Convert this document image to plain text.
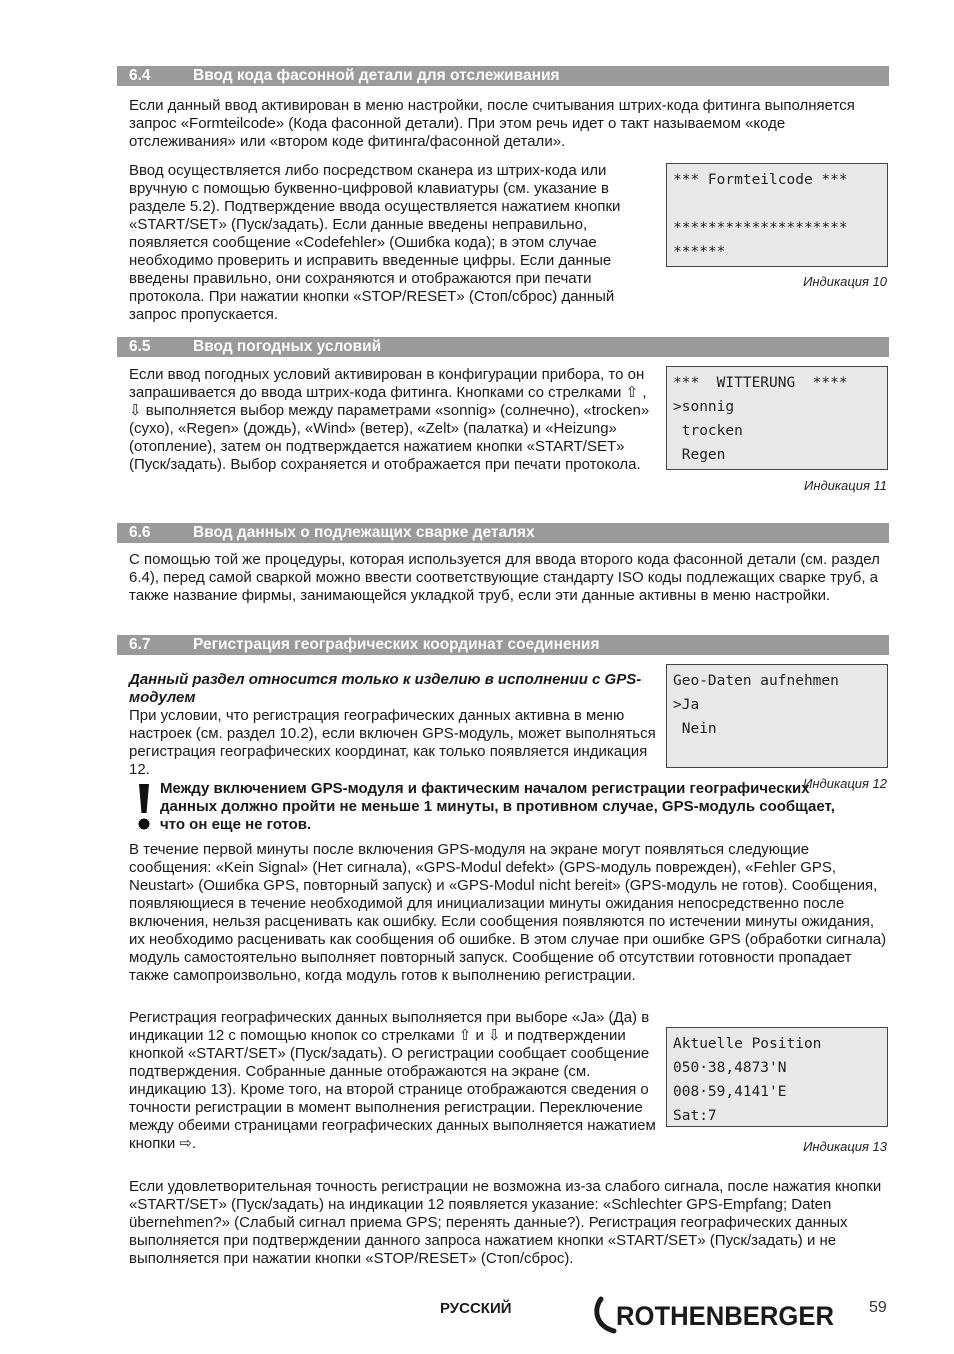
6.4	Ввод кода фасонной детали для отслеживания

Если данный ввод активирован в меню настройки, после считывания штрих-кода фитинга выполняется запрос «Formteilcode» (Кода фасонной детали). При этом речь идет о такт называемом «коде отслеживания» или «втором коде фитинга/фасонной детали».

Ввод осуществляется либо посредством сканера из штрих-кода или вручную с помощью буквенно-цифровой клавиатуры (см. указание в разделе 5.2). Подтверждение ввода осуществляется нажатием кнопки «START/SET» (Пуск/задать). Если данные введены неправильно, появляется сообщение «Codefehler» (Ошибка кода); в этом случае необходимо проверить и исправить введенные цифры. Если данные введены правильно, они сохраняются и отображаются при печати протокола. При нажатии кнопки «STOP/RESET» (Стоп/сброс) данный запрос пропускается.

*** Formteilcode ***
********************
******
Индикация 10
6.5	Ввод погодных условий

Если ввод погодных условий активирован в конфигурации прибора, то он запрашивается до ввода штрих-кода фитинга. Кнопками со стрелками ⇧ , ⇩ выполняется выбор между параметрами «sonnig» (солнечно), «trocken» (сухо), «Regen» (дождь), «Wind» (ветер), «Zelt» (палатка) и «Heizung» (отопление), затем он подтверждается нажатием кнопки «START/SET» (Пуск/задать). Выбор сохраняется и отображается при печати протокола.

***  WITTERUNG  ****
>sonnig
trocken
Regen
Индикация 11
6.6	Ввод данных о подлежащих сварке деталях

С помощью той же процедуры, которая используется для ввода второго кода фасонной детали (см. раздел 6.4), перед самой сваркой можно ввести соответствующие стандарту ISO коды подлежащих сварке труб, а также название фирмы, занимающейся укладкой труб, если эти данные активны в меню настройки.

6.7	Регистрация географических координат соединения

Данный раздел относится только к изделию в исполнении с GPS-модулем

При условии, что регистрация географических данных активна в меню настроек (см. раздел 10.2), если включен GPS-модуль, может выполняться регистрация географических координат, как только появляется индикация 12.

Geo-Daten aufnehmen
>Ja
Nein
Индикация 12

Между включением GPS-модуля и фактическим началом регистрации географических данных должно пройти не меньше 1 минуты, в противном случае, GPS-модуль сообщает, что он еще не готов.

В течение первой минуты после включения GPS-модуля на экране могут появляться следующие сообщения: «Kein Signal» (Нет сигнала), «GPS-Modul defekt» (GPS-модуль поврежден), «Fehler GPS, Neustart» (Ошибка GPS, повторный запуск) и «GPS-Modul nicht bereit» (GPS-модуль не готов). Сообщения, появляющиеся в течение необходимой для инициализации минуты ожидания непосредственно после включения, нельзя расценивать как ошибку. Если сообщения появляются по истечении минуты ожидания, их необходимо расценивать как сообщения об ошибке. В этом случае при ошибке GPS (обработки сигнала) модуль самостоятельно выполняет повторный запуск. Сообщение об отсутствии готовности пропадает также самопроизвольно, когда модуль готов к выполнению регистрации.

Регистрация географических данных выполняется при выборе «Ja» (Да) в индикации 12 с помощью кнопок со стрелками ⇧ и ⇩ и подтверждении кнопкой «START/SET» (Пуск/задать). О регистрации сообщает сообщение подтверждения. Собранные данные отображаются на экране (см. индикацию 13). Кроме того, на второй странице отображаются сведения о точности регистрации в момент выполнения регистрации. Переключение между обеими страницами географических данных выполняется нажатием кнопки ⇨.

Aktuelle Position
050·38,4873'N
008·59,4141'E
Sat:7
Индикация 13

Если удовлетворительная точность регистрации не возможна из-за слабого сигнала, после нажатия кнопки «START/SET» (Пуск/задать) на индикации 12 появляется указание: «Schlechter GPS-Empfang; Daten übernehmen?» (Слабый сигнал приема GPS; перенять данные?). Регистрация географических данных выполняется при подтверждении данного запроса нажатием кнопки «START/SET» (Пуск/задать) и не выполняется при нажатии кнопки «STOP/RESET» (Стоп/сброс).

РУССКИЙ	ROTHENBERGER 59
